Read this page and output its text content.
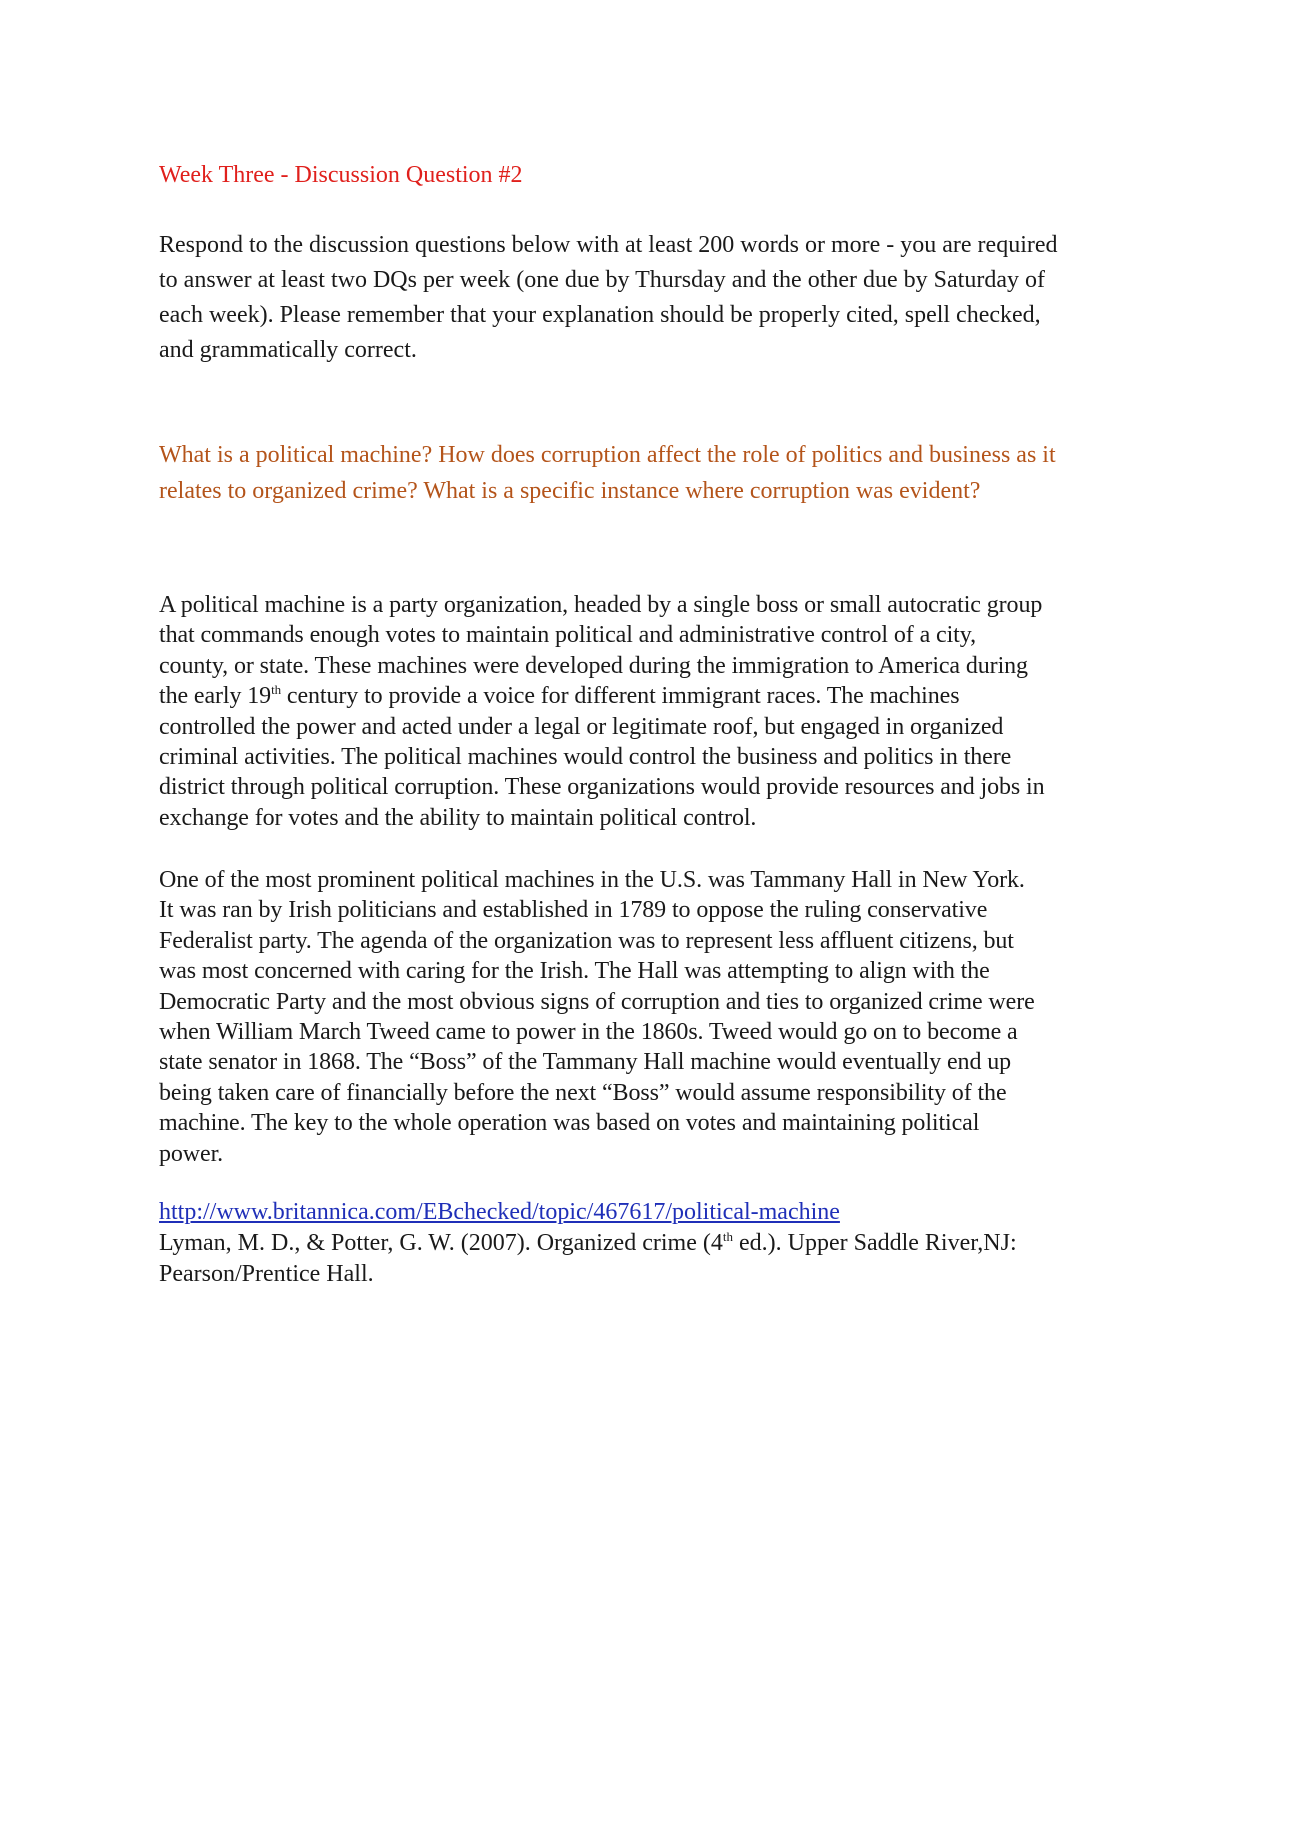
Week Three - Discussion Question #2

Respond to the discussion questions below with at least 200 words or more - you are required
to answer at least two DQs per week (one due by Thursday and the other due by Saturday of
each week). Please remember that your explanation should be properly cited, spell checked,
and grammatically correct.

What is a political machine? How does corruption affect the role of politics and business as it
relates to organized crime? What is a specific instance where corruption was evident?

A political machine is a party organization, headed by a single boss or small autocratic group
that commands enough votes to maintain political and administrative control of a city,
county, or state. These machines were developed during the immigration to America during
the early 19th century to provide a voice for different immigrant races. The machines
controlled the power and acted under a legal or legitimate roof, but engaged in organized
criminal activities. The political machines would control the business and politics in there
district through political corruption. These organizations would provide resources and jobs in
exchange for votes and the ability to maintain political control.

One of the most prominent political machines in the U.S. was Tammany Hall in New York.
It was ran by Irish politicians and established in 1789 to oppose the ruling conservative
Federalist party. The agenda of the organization was to represent less affluent citizens, but
was most concerned with caring for the Irish. The Hall was attempting to align with the
Democratic Party and the most obvious signs of corruption and ties to organized crime were
when William March Tweed came to power in the 1860s. Tweed would go on to become a
state senator in 1868. The “Boss” of the Tammany Hall machine would eventually end up
being taken care of financially before the next “Boss” would assume responsibility of the
machine. The key to the whole operation was based on votes and maintaining political
power.

http://www.britannica.com/EBchecked/topic/467617/political-machine
Lyman, M. D., & Potter, G. W. (2007). Organized crime (4th ed.). Upper Saddle River,NJ:
Pearson/Prentice Hall.
